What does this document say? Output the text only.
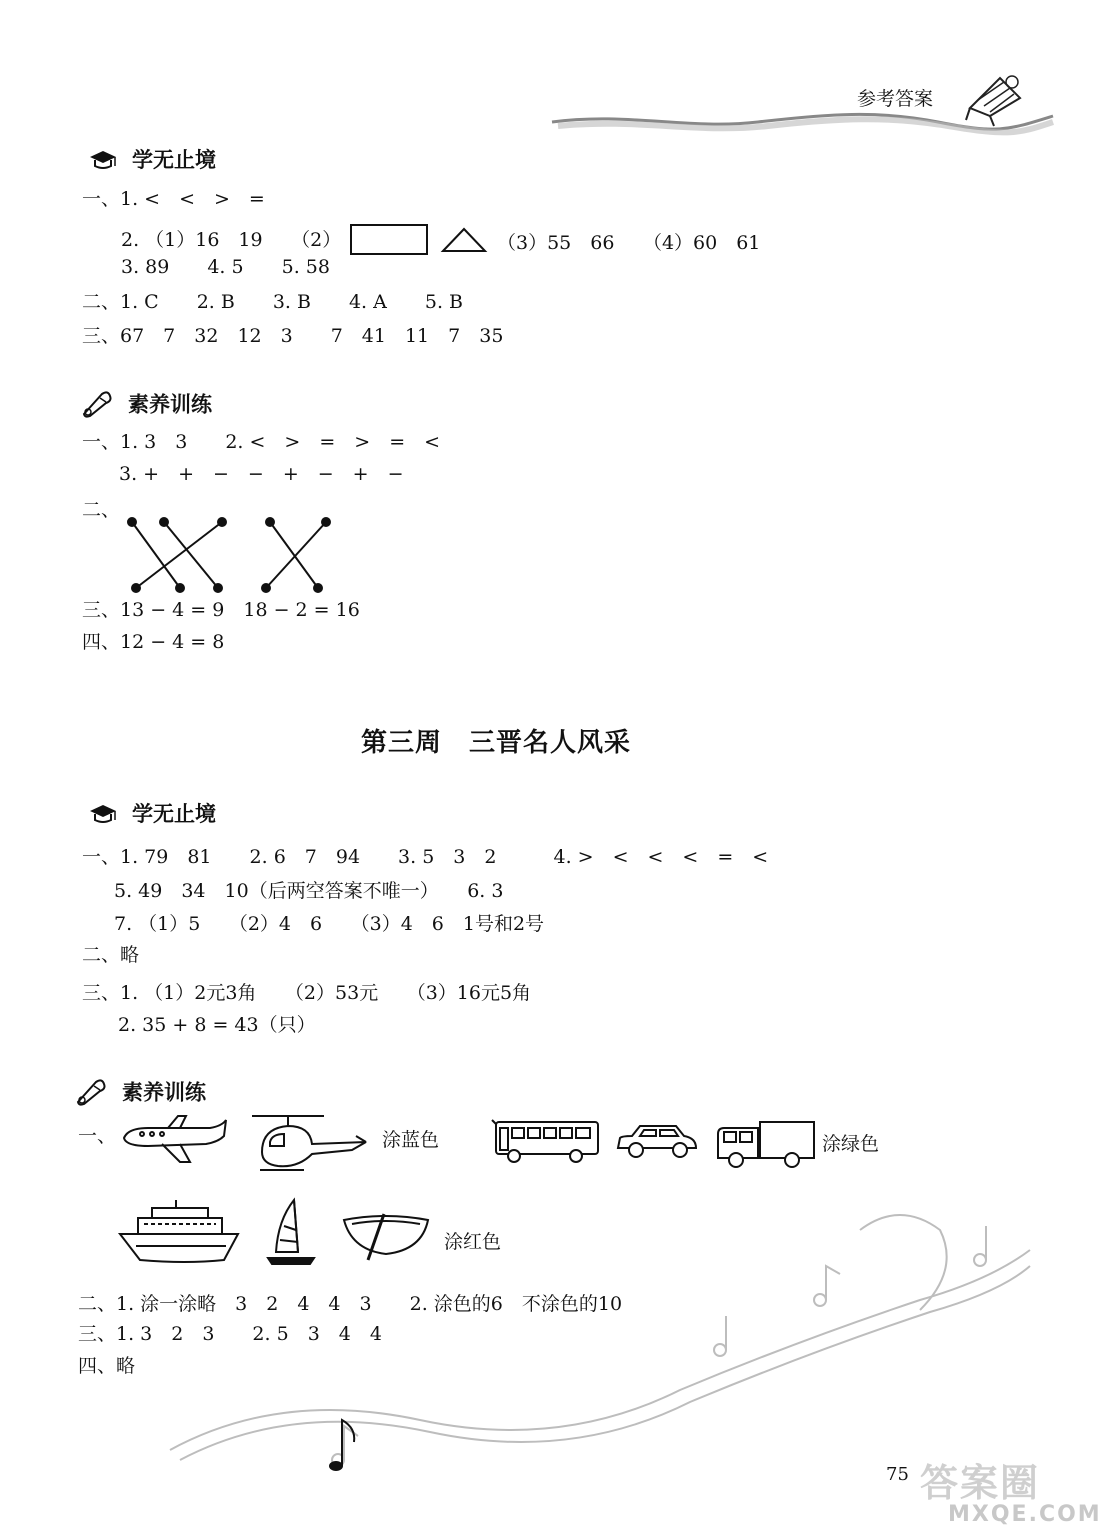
参考答案
学无止境
一、1. <　<　>　=
2. （1）16　19　　（2）	（3）55　66　　（4）60　61
3. 89　　4. 5　　5. 58
二、1. C　　2. B　　3. B　　4. A　　5. B
三、67　7　32　12　3　　7　41　11　7　35
素养训练
一、1. 3　3　　2. <　>　=　>　=　<
3. +　+　−　−　+　−　+　−
二、
三、13 − 4 = 9　18 − 2 = 16
四、12 − 4 = 8
第三周　三晋名人风采
学无止境
一、1. 79　81　　2. 6　7　94　　3. 5　3　2　　　4. >　<　<　<　=　<
5. 49　34　10（后两空答案不唯一）　　6. 3
7. （1）5　　（2）4　6　　（3）4　6　1号和2号
二、略
三、1. （1）2元3角　　（2）53元　　（3）16元5角
2. 35 + 8 = 43（只）
素养训练
一、	涂蓝色	涂绿色
涂红色
二、1. 涂一涂略　3　2　4　4　3　　2. 涂色的6　不涂色的10
三、1. 3　2　3　　2. 5　3　4　4
四、略
75 答案圈
MXQE.COM
